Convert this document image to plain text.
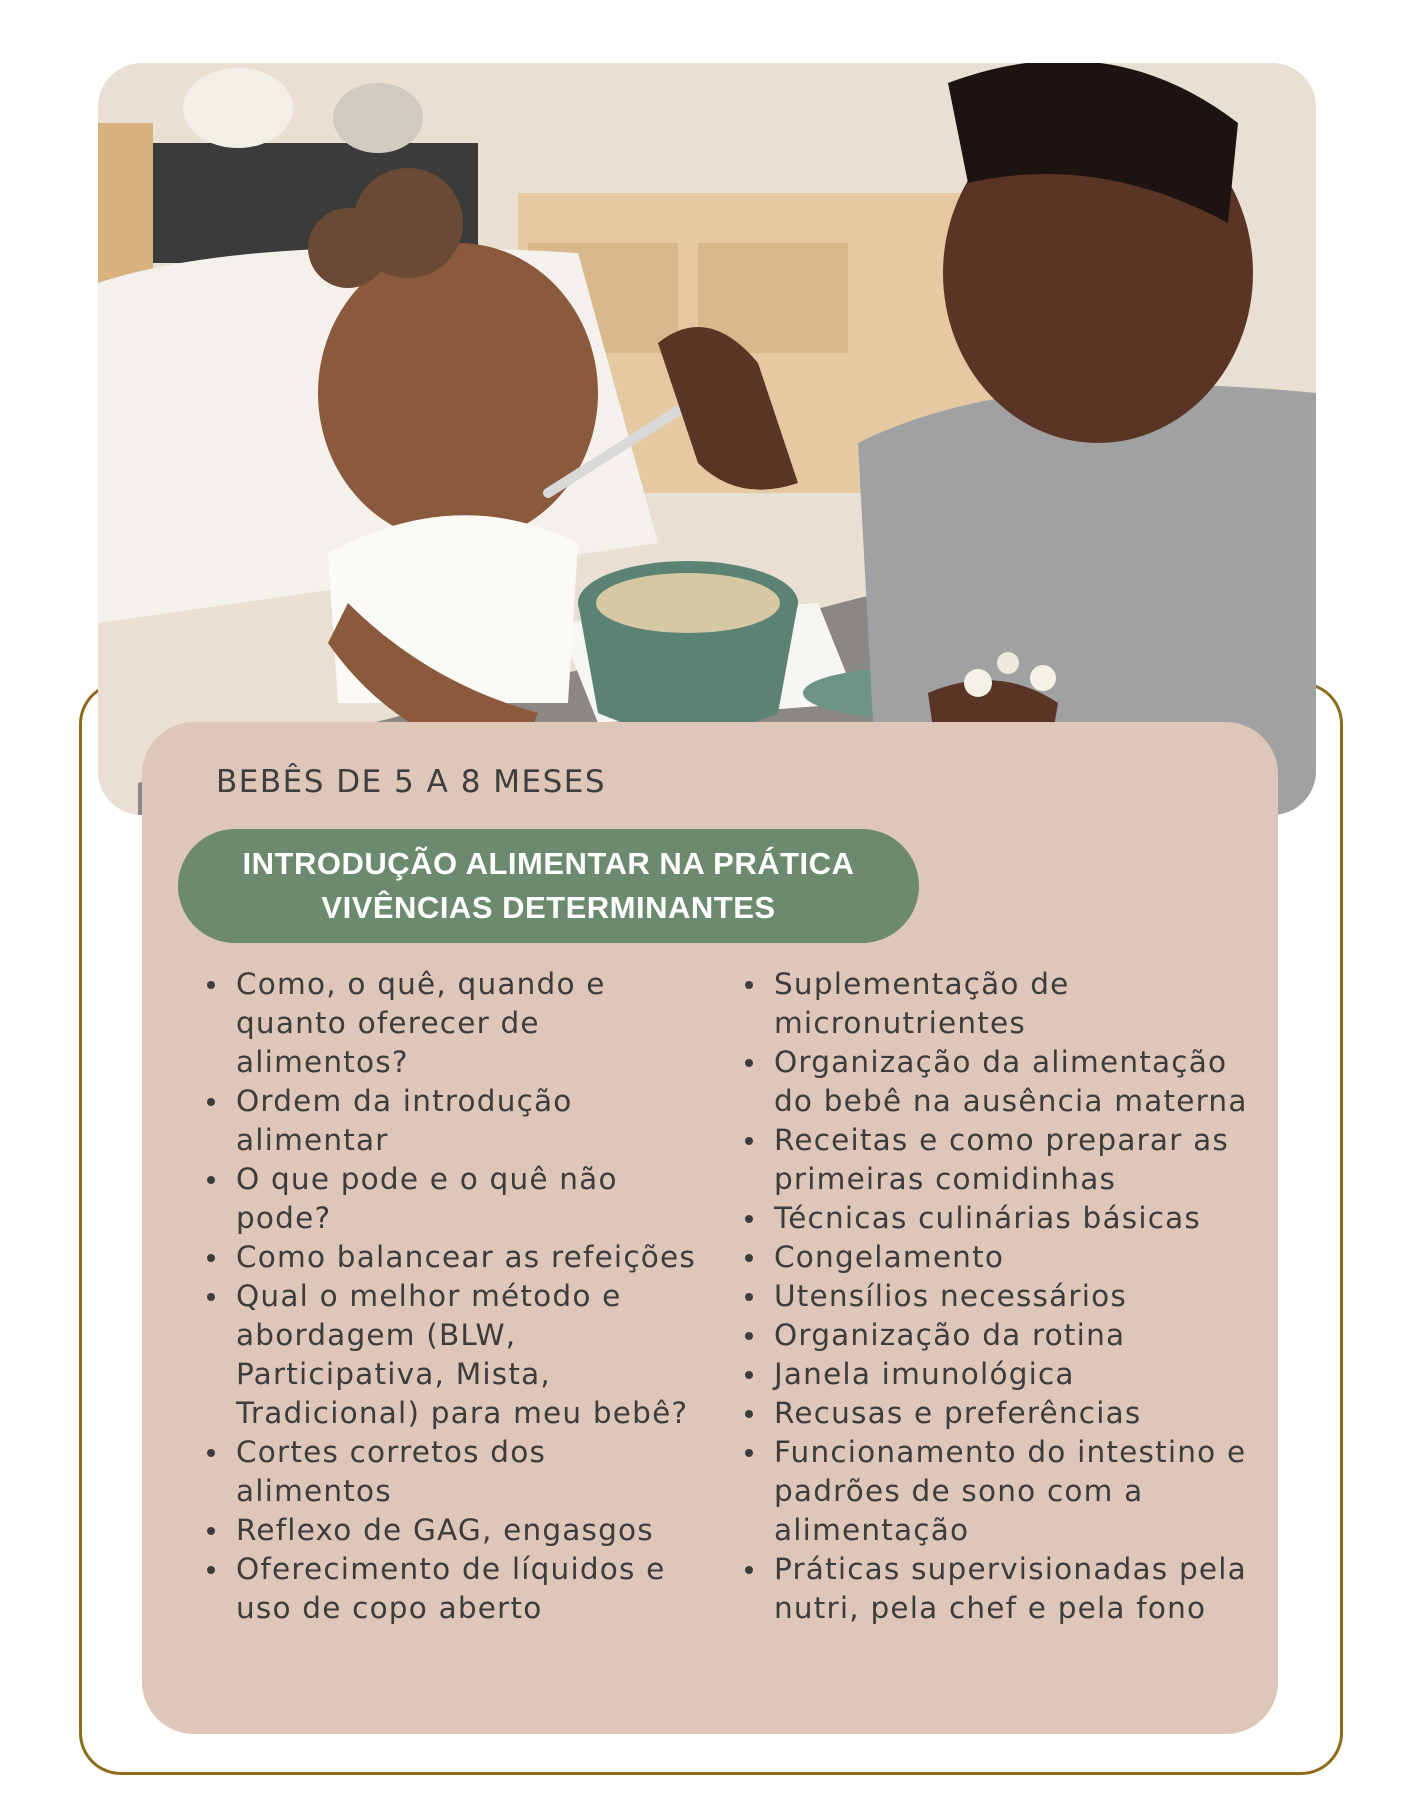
BEBÊS DE 5 A 8 MESES
INTRODUÇÃO ALIMENTAR NA PRÁTICA
VIVÊNCIAS DETERMINANTES
Como, o quê, quando e quanto oferecer de alimentos?
Ordem da introdução alimentar
O que pode e o quê não pode?
Como balancear as refeições
Qual o melhor método e abordagem (BLW, Participativa, Mista, Tradicional) para meu bebê?
Cortes corretos dos alimentos
Reflexo de GAG, engasgos
Oferecimento de líquidos e uso de copo aberto
Suplementação de micronutrientes
Organização da alimentação do bebê na ausência materna
Receitas e como preparar as primeiras comidinhas
Técnicas culinárias básicas
Congelamento
Utensílios necessários
Organização da rotina
Janela imunológica
Recusas e preferências
Funcionamento do intestino e padrões de sono com a alimentação
Práticas supervisionadas pela nutri, pela chef e pela fono
